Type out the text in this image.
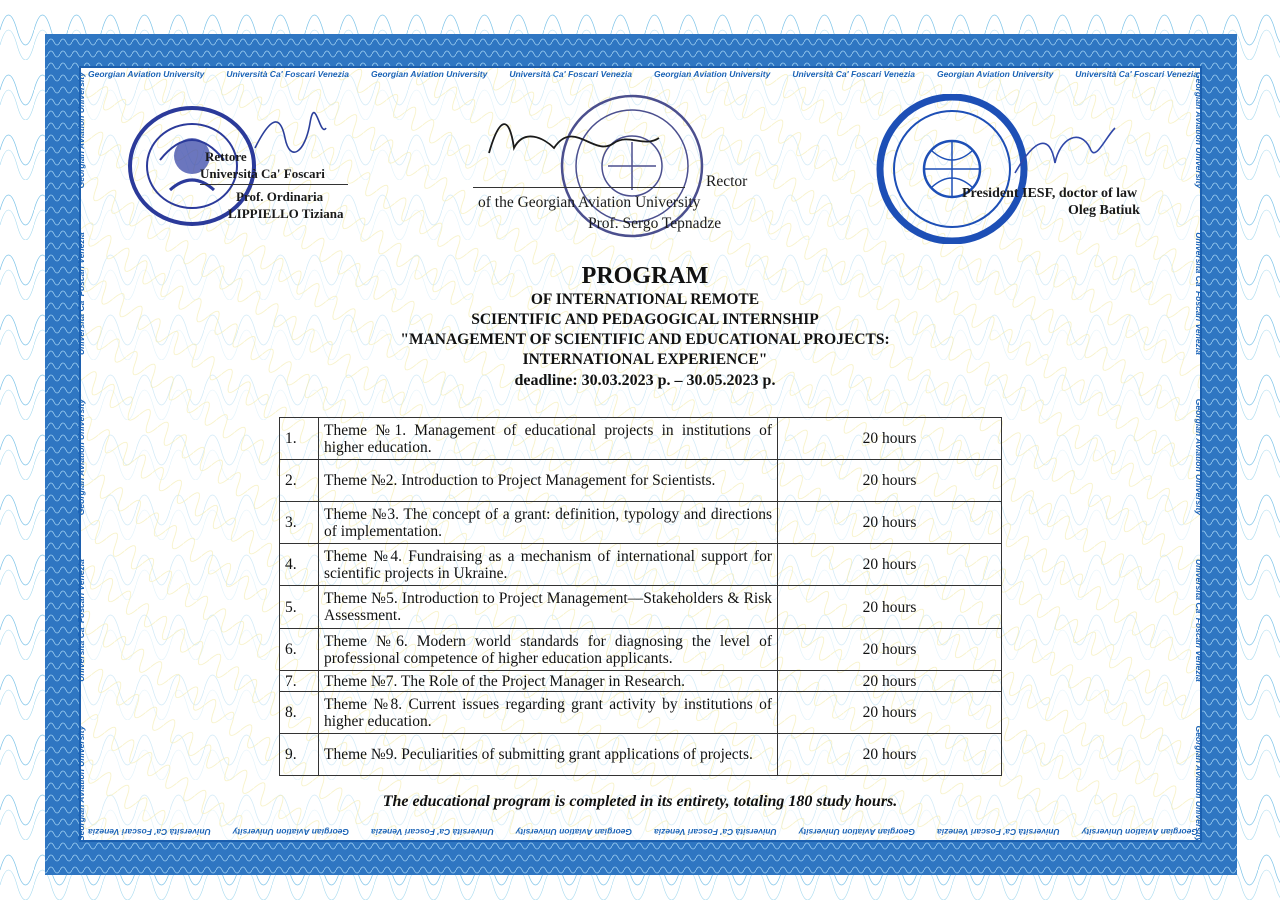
Georgian Aviation University	Università Ca' Foscari Venezia	Georgian Aviation University	Università Ca' Foscari Venezia	Georgian Aviation University	Università Ca' Foscari Venezia	Georgian Aviation University	Università Ca' Foscari Venezia
Georgian Aviation University
Università Ca' Foscari Venezia
Georgian Aviation University
Università Ca' Foscari Venezia
Georgian Aviation University
Università Ca' Foscari Venezia
Georgian Aviation University
Università Ca' Foscari Venezia
Georgian Aviation University
Università Ca' Foscari Venezia
Georgian Aviation University
Università Ca' Foscari Venezia
Georgian Aviation University	Georgian Aviation University
Università Ca' Foscari Venezia
Georgian Aviation University
Università Ca' Foscari Venezia
Georgian Aviation University
Rettore
Università Ca' Foscari
Prof. Ordinaria
LIPPIELLO Tiziana
Rector
of the Georgian Aviation University
Prof. Sergo Tepnadze
President IESF, doctor of law
Oleg Batiuk
PROGRAM
OF INTERNATIONAL REMOTE
SCIENTIFIC AND PEDAGOGICAL INTERNSHIP
"MANAGEMENT OF SCIENTIFIC AND EDUCATIONAL PROJECTS:
INTERNATIONAL EXPERIENCE"
deadline: 30.03.2023 p. – 30.05.2023 p.
1.	Theme №1. Management of educational projects in institutions of higher education.	20 hours
2.	Theme №2. Introduction to Project Management for Scientists.	20 hours
3.	Theme №3. The concept of a grant: definition, typology and directions of implementation.	20 hours
4.	Theme №4. Fundraising as a mechanism of international support for scientific projects in Ukraine.	20 hours
5.	Theme №5. Introduction to Project Management—Stakeholders & Risk Assessment.	20 hours
6.	Theme №6. Modern world standards for diagnosing the level of professional competence of higher education applicants.	20 hours
7.	Theme №7. The Role of the Project Manager in Research.	20 hours
8.	Theme №8. Current issues regarding grant activity by institutions of higher education.	20 hours
9.	Theme №9. Peculiarities of submitting grant applications of projects.	20 hours
The educational program is completed in its entirety, totaling 180 study hours.
